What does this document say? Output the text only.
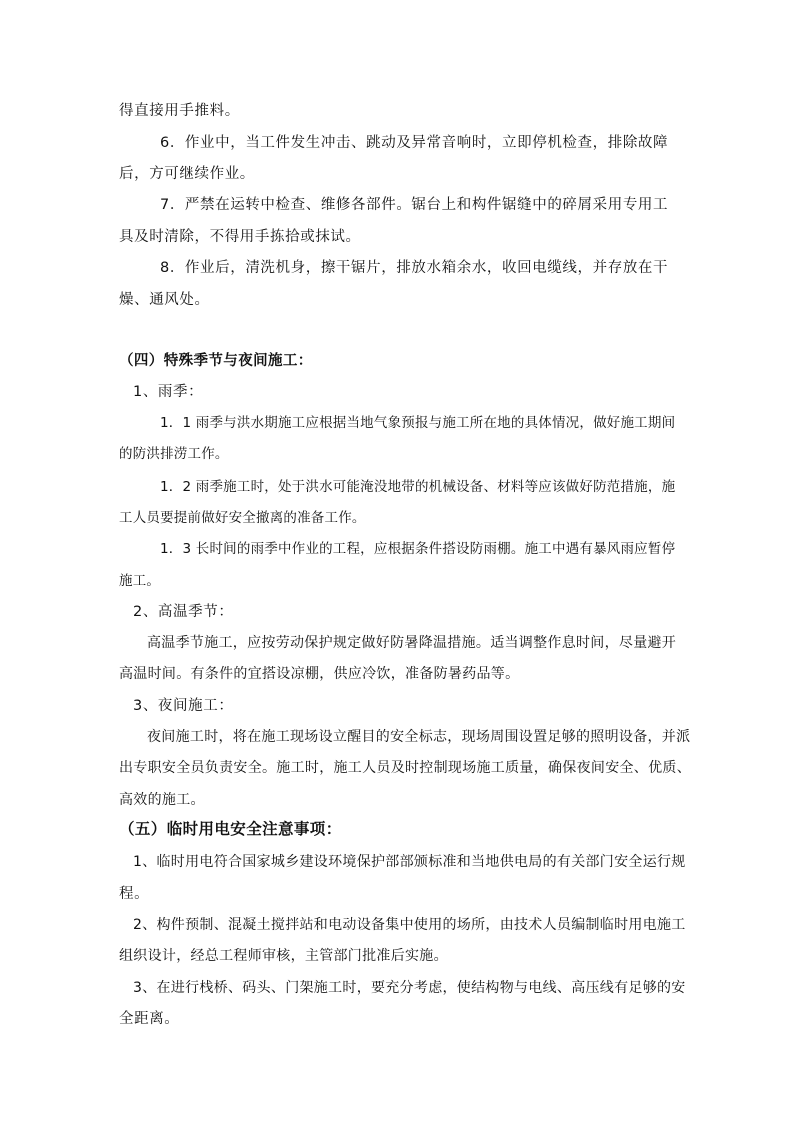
得直接用手推料。
6．作业中，当工件发生冲击、跳动及异常音响时，立即停机检查，排除故障
后，方可继续作业。
7．严禁在运转中检查、维修各部件。锯台上和构件锯缝中的碎屑采用专用工
具及时清除，不得用手拣拾或抹试。
8．作业后，清洗机身，擦干锯片，排放水箱余水，收回电缆线，并存放在干
燥、通风处。
（四）特殊季节与夜间施工：
1、雨季：
1．1 雨季与洪水期施工应根据当地气象预报与施工所在地的具体情况，做好施工期间
的防洪排涝工作。
1．2 雨季施工时，处于洪水可能淹没地带的机械设备、材料等应该做好防范措施，施
工人员要提前做好安全撤离的准备工作。
1．3 长时间的雨季中作业的工程，应根据条件搭设防雨棚。施工中遇有暴风雨应暂停
施工。
2、高温季节：
高温季节施工，应按劳动保护规定做好防暑降温措施。适当调整作息时间，尽量避开
高温时间。有条件的宜搭设凉棚，供应冷饮，准备防暑药品等。
3、夜间施工：
夜间施工时，将在施工现场设立醒目的安全标志，现场周围设置足够的照明设备，并派
出专职安全员负责安全。施工时，施工人员及时控制现场施工质量，确保夜间安全、优质、
高效的施工。
（五）临时用电安全注意事项：
1、临时用电符合国家城乡建设环境保护部部颁标准和当地供电局的有关部门安全运行规
程。
2、构件预制、混凝土搅拌站和电动设备集中使用的场所，由技术人员编制临时用电施工
组织设计，经总工程师审核，主管部门批准后实施。
3、在进行栈桥、码头、门架施工时，要充分考虑，使结构物与电线、高压线有足够的安
全距离。
